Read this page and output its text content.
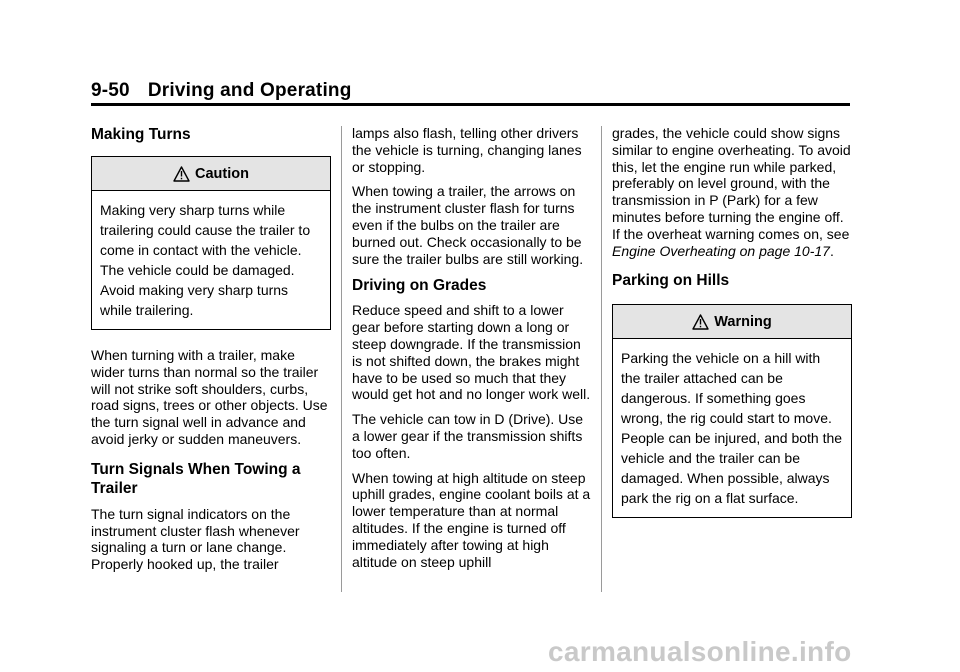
9-50 Driving and Operating
Making Turns
Caution
Making very sharp turns while trailering could cause the trailer to come in contact with the vehicle. The vehicle could be damaged. Avoid making very sharp turns while trailering.

When turning with a trailer, make wider turns than normal so the trailer will not strike soft shoulders, curbs, road signs, trees or other objects. Use the turn signal well in advance and avoid jerky or sudden maneuvers.

Turn Signals When Towing a Trailer

The turn signal indicators on the instrument cluster flash whenever signaling a turn or lane change. Properly hooked up, the trailer

lamps also flash, telling other drivers the vehicle is turning, changing lanes or stopping.

When towing a trailer, the arrows on the instrument cluster flash for turns even if the bulbs on the trailer are burned out. Check occasionally to be sure the trailer bulbs are still working.

Driving on Grades

Reduce speed and shift to a lower gear before starting down a long or steep downgrade. If the transmission is not shifted down, the brakes might have to be used so much that they would get hot and no longer work well.

The vehicle can tow in D (Drive). Use a lower gear if the transmission shifts too often.

When towing at high altitude on steep uphill grades, engine coolant boils at a lower temperature than at normal altitudes. If the engine is turned off immediately after towing at high altitude on steep uphill

grades, the vehicle could show signs similar to engine overheating. To avoid this, let the engine run while parked, preferably on level ground, with the transmission in P (Park) for a few minutes before turning the engine off. If the overheat warning comes on, see Engine Overheating on page 10-17.

Parking on Hills
Warning
Parking the vehicle on a hill with the trailer attached can be dangerous. If something goes wrong, the rig could start to move. People can be injured, and both the vehicle and the trailer can be damaged. When possible, always park the rig on a flat surface.
carmanualsonline.info
